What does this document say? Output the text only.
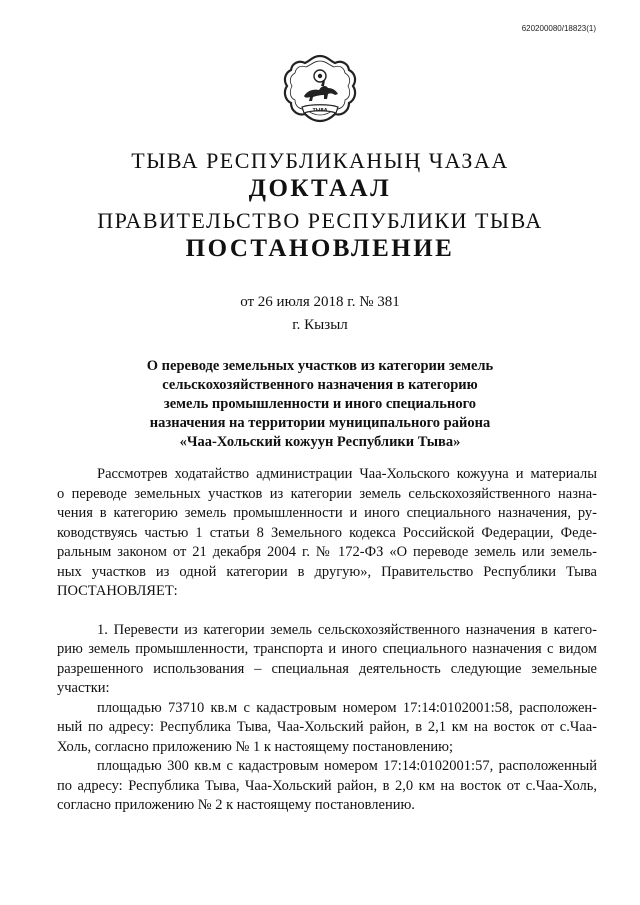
620200080/18823(1)
ТЫВА
ТЫВА РЕСПУБЛИКАНЫҢ ЧАЗАА
ДОКТААЛ
ПРАВИТЕЛЬСТВО РЕСПУБЛИКИ ТЫВА
ПОСТАНОВЛЕНИЕ
от 26 июля 2018 г. № 381
г. Кызыл
О переводе земельных участков из категории земель
сельскохозяйственного назначения в категорию
земель промышленности и иного специального
назначения на территории муниципального района
«Чаа-Хольский кожуун Республики Тыва»
Рассмотрев ходатайство администрации Чаа-Хольского кожууна и материалы
о переводе земельных участков из категории земель сельскохозяйственного назна-
чения в категорию земель промышленности и иного специального назначения, ру-
ководствуясь частью 1 статьи 8 Земельного кодекса Российской Федерации, Феде-
ральным законом от 21 декабря 2004 г. № 172-ФЗ «О переводе земель или земель-
ных участков из одной категории в другую», Правительство Республики Тыва
ПОСТАНОВЛЯЕТ:
1. Перевести из категории земель сельскохозяйственного назначения в катего-
рию земель промышленности, транспорта и иного специального назначения с видом
разрешенного использования – специальная деятельность следующие земельные
участки:
площадью 73710 кв.м с кадастровым номером 17:14:0102001:58, расположен-
ный по адресу: Республика Тыва, Чаа-Хольский район, в 2,1 км на восток от с.Чаа-
Холь, согласно приложению № 1 к настоящему постановлению;
площадью 300 кв.м с кадастровым номером 17:14:0102001:57, расположенный
по адресу: Республика Тыва, Чаа-Хольский район, в 2,0 км на восток от с.Чаа-Холь,
согласно приложению № 2 к настоящему постановлению.
